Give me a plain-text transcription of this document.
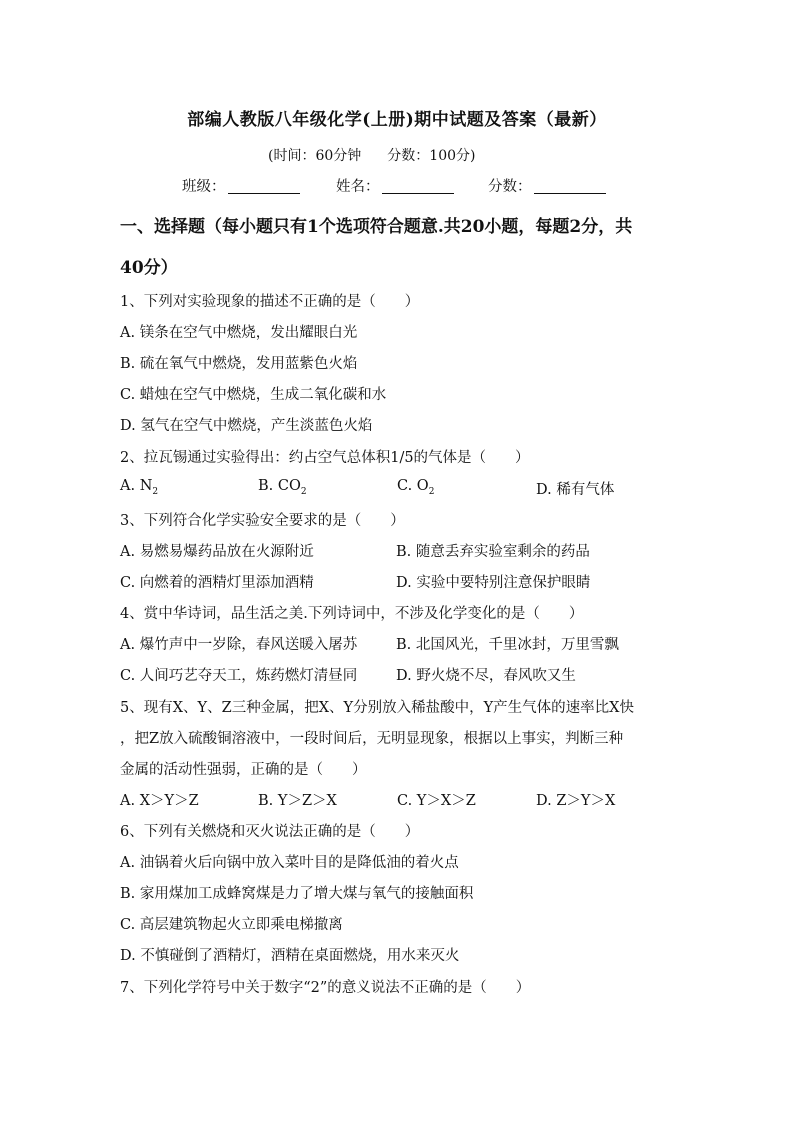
部编人教版八年级化学(上册)期中试题及答案（最新）
(时间：60分钟 分数：100分)
班级：	姓名：	分数：
一、选择题（每小题只有1个选项符合题意.共20小题，每题2分，共
40分）
1、下列对实验现象的描述不正确的是（　　）
A. 镁条在空气中燃烧，发出耀眼白光
B. 硫在氧气中燃烧，发用蓝紫色火焰
C. 蜡烛在空气中燃烧，生成二氧化碳和水
D. 氢气在空气中燃烧，产生淡蓝色火焰
2、拉瓦锡通过实验得出：约占空气总体积1/5的气体是（　　）
A. $N_2$	B. $CO_2$	C. $O_2$	D. 稀有气体
3、下列符合化学实验安全要求的是（　　）
A. 易燃易爆药品放在火源附近	B. 随意丢弃实验室剩余的药品
C. 向燃着的酒精灯里添加酒精	D. 实验中要特别注意保护眼睛
4、赏中华诗词，品生活之美.下列诗词中，不涉及化学变化的是（　　）
A. 爆竹声中一岁除，春风送暖入屠苏	B. 北国风光，千里冰封，万里雪飘
C. 人间巧艺夺天工，炼药燃灯清昼同	D. 野火烧不尽，春风吹又生
5、现有X、Y、Z三种金属，把X、Y分别放入稀盐酸中，Y产生气体的速率比X快
，把Z放入硫酸铜溶液中，一段时间后，无明显现象，根据以上事实，判断三种
金属的活动性强弱，正确的是（　　）
A. X＞Y＞Z	B. Y＞Z＞X	C. Y＞X＞Z	D. Z＞Y＞X
6、下列有关燃烧和灭火说法正确的是（　　）
A. 油锅着火后向锅中放入菜叶目的是降低油的着火点
B. 家用煤加工成蜂窝煤是力了增大煤与氧气的接触面积
C. 高层建筑物起火立即乘电梯撤离
D. 不慎碰倒了酒精灯，酒精在桌面燃烧，用水来灭火
7、下列化学符号中关于数字“2”的意义说法不正确的是（　　）
